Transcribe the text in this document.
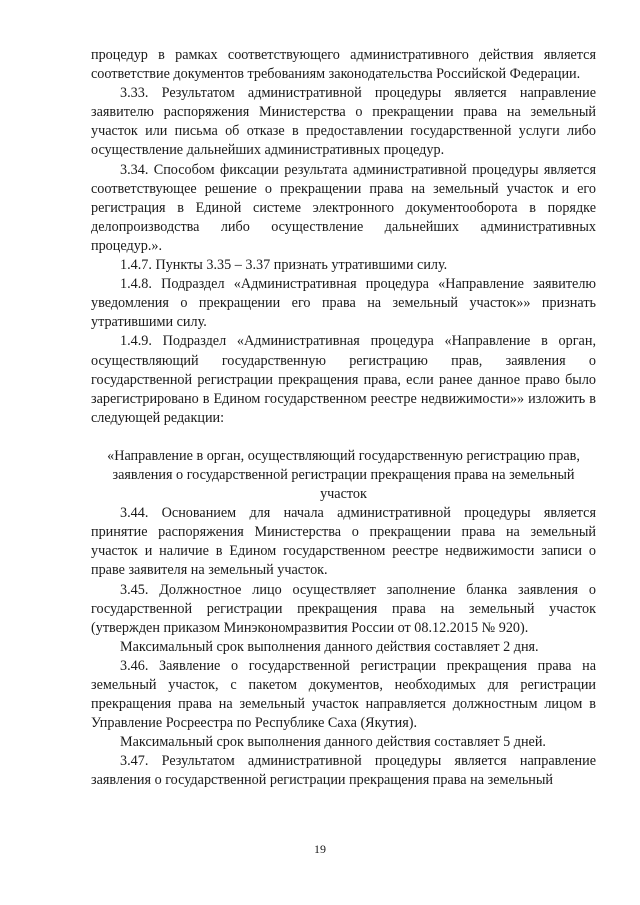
процедур в рамках соответствующего административного действия является соответствие документов требованиям законодательства Российской Федерации.

3.33. Результатом административной процедуры является направление заявителю распоряжения Министерства о прекращении права на земельный участок или письма об отказе в предоставлении государственной услуги либо осуществление дальнейших административных процедур.

3.34. Способом фиксации результата административной процедуры является соответствующее решение о прекращении права на земельный участок и его регистрация в Единой системе электронного документооборота в порядке делопроизводства либо осуществление дальнейших административных процедур.».

1.4.7. Пункты 3.35 – 3.37 признать утратившими силу.

1.4.8. Подраздел «Административная процедура «Направление заявителю уведомления о прекращении его права на земельный участок»» признать утратившими силу.

1.4.9. Подраздел «Административная процедура «Направление в орган, осуществляющий государственную регистрацию прав, заявления о государственной регистрации прекращения права, если ранее данное право было зарегистрировано в Едином государственном реестре недвижимости»» изложить в следующей редакции:

«Направление в орган, осуществляющий государственную регистрацию прав, заявления о государственной регистрации прекращения права на земельный участок

3.44. Основанием для начала административной процедуры является принятие распоряжения Министерства о прекращении права на земельный участок и наличие в Едином государственном реестре недвижимости записи о праве заявителя на земельный участок.

3.45. Должностное лицо осуществляет заполнение бланка заявления о государственной регистрации прекращения права на земельный участок (утвержден приказом Минэкономразвития России от 08.12.2015 № 920).

Максимальный срок выполнения данного действия составляет 2 дня.

3.46. Заявление о государственной регистрации прекращения права на земельный участок, с пакетом документов, необходимых для регистрации прекращения права на земельный участок направляется должностным лицом в Управление Росреестра по Республике Саха (Якутия).

Максимальный срок выполнения данного действия составляет 5 дней.

3.47. Результатом административной процедуры является направление заявления о государственной регистрации прекращения права на земельный

19
